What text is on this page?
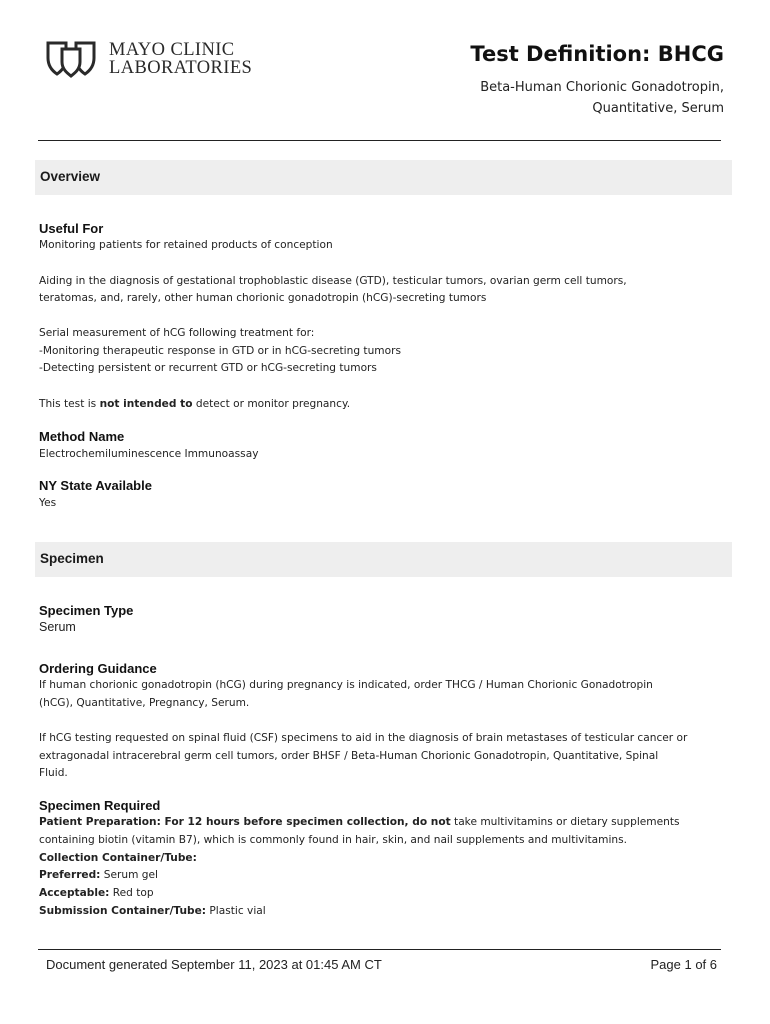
MAYO CLINIC
LABORATORIES
Test Definition: BHCG
Beta-Human Chorionic Gonadotropin,
Quantitative, Serum
Overview
Useful For
Monitoring patients for retained products of conception
Aiding in the diagnosis of gestational trophoblastic disease (GTD), testicular tumors, ovarian germ cell tumors,
teratomas, and, rarely, other human chorionic gonadotropin (hCG)-secreting tumors
Serial measurement of hCG following treatment for:
-Monitoring therapeutic response in GTD or in hCG-secreting tumors
-Detecting persistent or recurrent GTD or hCG-secreting tumors
This test is not intended to detect or monitor pregnancy.
Method Name
Electrochemiluminescence Immunoassay
NY State Available
Yes
Specimen
Specimen Type
Serum
Ordering Guidance
If human chorionic gonadotropin (hCG) during pregnancy is indicated, order THCG / Human Chorionic Gonadotropin
(hCG), Quantitative, Pregnancy, Serum.
If hCG testing requested on spinal fluid (CSF) specimens to aid in the diagnosis of brain metastases of testicular cancer or
extragonadal intracerebral germ cell tumors, order BHSF / Beta-Human Chorionic Gonadotropin, Quantitative, Spinal
Fluid.
Specimen Required
Patient Preparation: For 12 hours before specimen collection, do not take multivitamins or dietary supplements
containing biotin (vitamin B7), which is commonly found in hair, skin, and nail supplements and multivitamins.
Collection Container/Tube:
Preferred: Serum gel
Acceptable: Red top
Submission Container/Tube: Plastic vial
Document generated September 11, 2023 at 01:45 AM CT	Page 1 of 6
